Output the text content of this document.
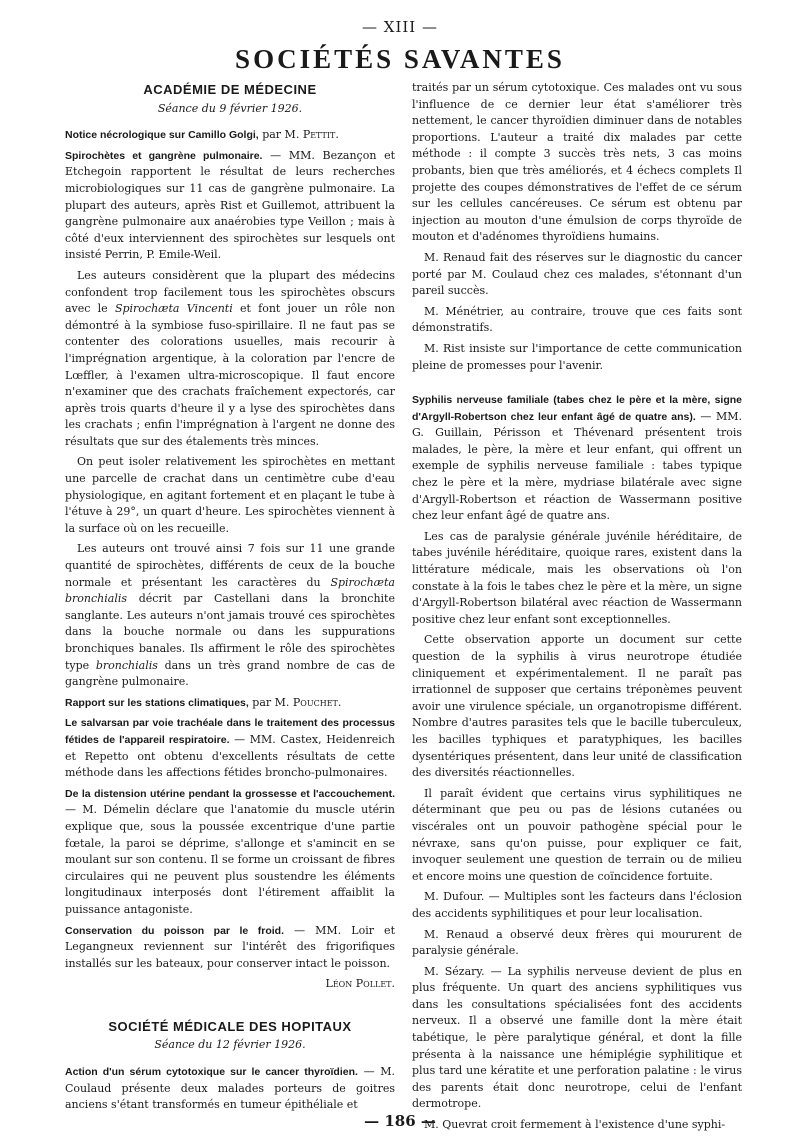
— XIII —
SOCIÉTÉS SAVANTES
ACADÉMIE DE MÉDECINE
Séance du 9 février 1926.

Notice nécrologique sur Camillo Golgi, par M. Pettit.

Spirochètes et gangrène pulmonaire. — MM. Bezançon et Etchegoin rapportent le résultat de leurs recherches microbiologiques sur 11 cas de gangrène pulmonaire. La plupart des auteurs, après Rist et Guillemot, attribuent la gangrène pulmonaire aux anaérobies type Veillon ; mais à côté d'eux interviennent des spirochètes sur lesquels ont insisté Perrin, P. Emile-Weil.

Les auteurs considèrent que la plupart des médecins confondent trop facilement tous les spirochètes obscurs avec le Spirochæta Vincenti et font jouer un rôle non démontré à la symbiose fuso-spirillaire. Il ne faut pas se contenter des colorations usuelles, mais recourir à l'imprégnation argentique, à la coloration par l'encre de Lœffler, à l'examen ultra-microscopique. Il faut encore n'examiner que des crachats fraîchement expectorés, car après trois quarts d'heure il y a lyse des spirochètes dans les crachats ; enfin l'imprégnation à l'argent ne donne des résultats que sur des étalements très minces.

On peut isoler relativement les spirochètes en mettant une parcelle de crachat dans un centimètre cube d'eau physiologique, en agitant fortement et en plaçant le tube à l'étuve à 29°, un quart d'heure. Les spirochètes viennent à la surface où on les recueille.

Les auteurs ont trouvé ainsi 7 fois sur 11 une grande quantité de spirochètes, différents de ceux de la bouche normale et présentant les caractères du Spirochæta bronchialis décrit par Castellani dans la bronchite sanglante. Les auteurs n'ont jamais trouvé ces spirochètes dans la bouche normale ou dans les suppurations bronchiques banales. Ils affirment le rôle des spirochètes type bronchialis dans un très grand nombre de cas de gangrène pulmonaire.

Rapport sur les stations climatiques, par M. Pouchet.

Le salvarsan par voie trachéale dans le traitement des processus fétides de l'appareil respiratoire. — MM. Castex, Heidenreich et Repetto ont obtenu d'excellents résultats de cette méthode dans les affections fétides broncho-pulmonaires.

De la distension utérine pendant la grossesse et l'accouchement. — M. Démelin déclare que l'anatomie du muscle utérin explique que, sous la poussée excentrique d'une partie fœtale, la paroi se déprime, s'allonge et s'amincit en se moulant sur son contenu. Il se forme un croissant de fibres circulaires qui ne peuvent plus soustendre les éléments longitudinaux interposés dont l'étirement affaiblit la puissance antagoniste.

Conservation du poisson par le froid. — MM. Loir et Legangneux reviennent sur l'intérêt des frigorifiques installés sur les bateaux, pour conserver intact le poisson.

Léon Pollet.
SOCIÉTÉ MÉDICALE DES HOPITAUX
Séance du 12 février 1926.

Action d'un sérum cytotoxique sur le cancer thyroïdien. — M. Coulaud présente deux malades porteurs de goitres anciens s'étant transformés en tumeur épithéliale et

traités par un sérum cytotoxique. Ces malades ont vu sous l'influence de ce dernier leur état s'améliorer très nettement, le cancer thyroïdien diminuer dans de notables proportions. L'auteur a traité dix malades par cette méthode : il compte 3 succès très nets, 3 cas moins probants, bien que très améliorés, et 4 échecs complets Il projette des coupes démonstratives de l'effet de ce sérum sur les cellules cancéreuses. Ce sérum est obtenu par injection au mouton d'une émulsion de corps thyroïde de mouton et d'adénomes thyroïdiens humains.

M. Renaud fait des réserves sur le diagnostic du cancer porté par M. Coulaud chez ces malades, s'étonnant d'un pareil succès.

M. Ménétrier, au contraire, trouve que ces faits sont démonstratifs.

M. Rist insiste sur l'importance de cette communication pleine de promesses pour l'avenir.

Syphilis nerveuse familiale (tabes chez le père et la mère, signe d'Argyll-Robertson chez leur enfant âgé de quatre ans). — MM. G. Guillain, Périsson et Thévenard présentent trois malades, le père, la mère et leur enfant, qui offrent un exemple de syphilis nerveuse familiale : tabes typique chez le père et la mère, mydriase bilatérale avec signe d'Argyll-Robertson et réaction de Wassermann positive chez leur enfant âgé de quatre ans.

Les cas de paralysie générale juvénile héréditaire, de tabes juvénile héréditaire, quoique rares, existent dans la littérature médicale, mais les observations où l'on constate à la fois le tabes chez le père et la mère, un signe d'Argyll-Robertson bilatéral avec réaction de Wassermann positive chez leur enfant sont exceptionnelles.

Cette observation apporte un document sur cette question de la syphilis à virus neurotrope étudiée cliniquement et expérimentalement. Il ne paraît pas irrationnel de supposer que certains tréponèmes peuvent avoir une virulence spéciale, un organotropisme différent. Nombre d'autres parasites tels que le bacille tuberculeux, les bacilles typhiques et paratyphiques, les bacilles dysentériques présentent, dans leur unité de classification des diversités réactionnelles.

Il paraît évident que certains virus syphilitiques ne déterminant que peu ou pas de lésions cutanées ou viscérales ont un pouvoir pathogène spécial pour le névraxe, sans qu'on puisse, pour expliquer ce fait, invoquer seulement une question de terrain ou de milieu et encore moins une question de coïncidence fortuite.

M. Dufour. — Multiples sont les facteurs dans l'éclosion des accidents syphilitiques et pour leur localisation.

M. Renaud a observé deux frères qui moururent de paralysie générale.

M. Sézary. — La syphilis nerveuse devient de plus en plus fréquente. Un quart des anciens syphilitiques vus dans les consultations spécialisées font des accidents nerveux. Il a observé une famille dont la mère était tabétique, le père paralytique général, et dont la fille présenta à la naissance une hémiplégie syphilitique et plus tard une kératite et une perforation palatine : le virus des parents était donc neurotrope, celui de l'enfant dermotrope.

M. Quevrat croit fermement à l'existence d'une syphi-

— 186 —
